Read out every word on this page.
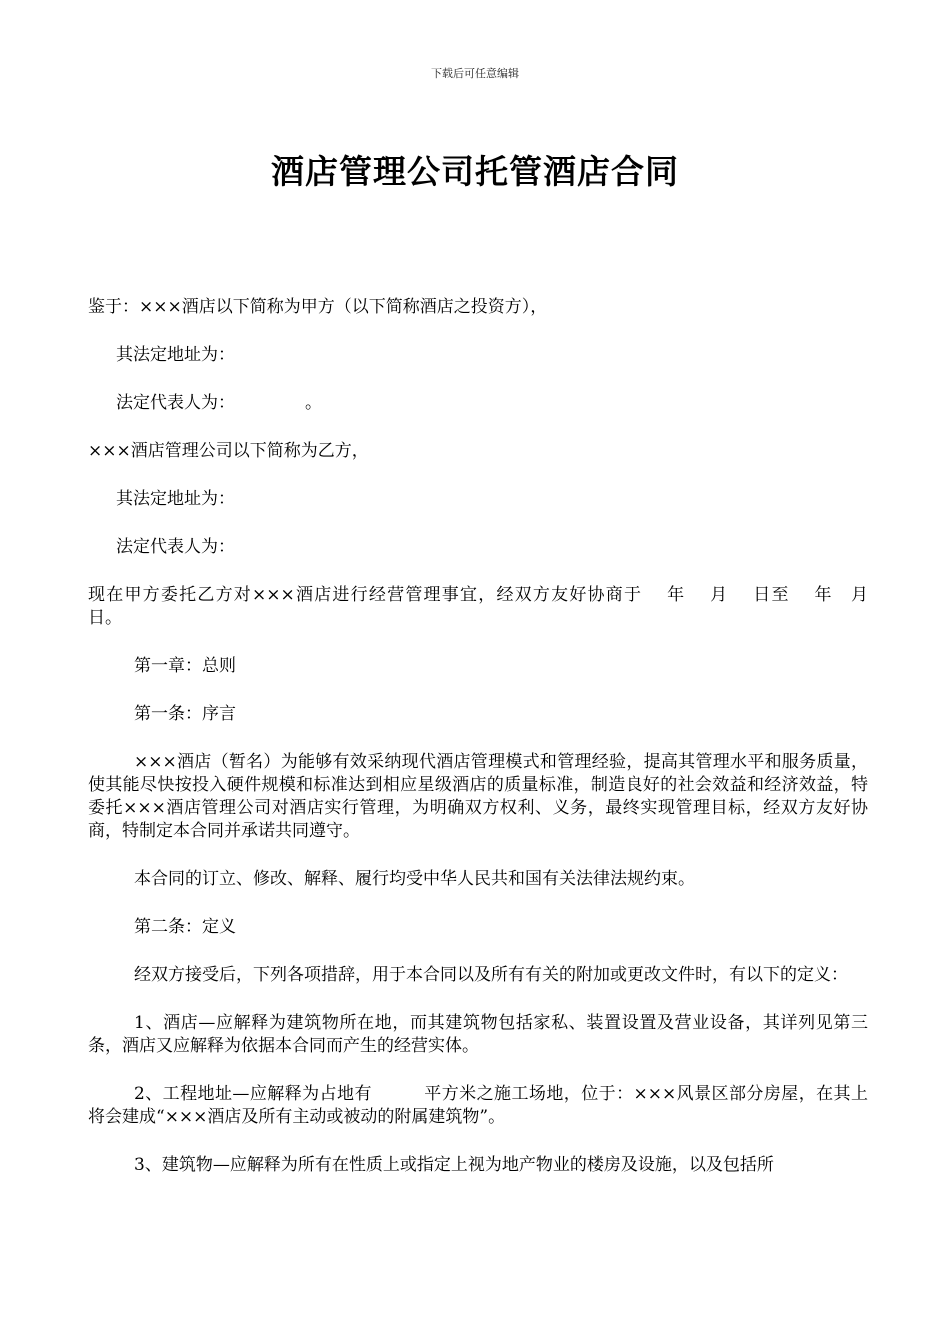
下载后可任意编辑
酒店管理公司托管酒店合同

鉴于：×××酒店以下简称为甲方（以下简称酒店之投资方），

其法定地址为：

法定代表人为：	。

×××酒店管理公司以下简称为乙方，

其法定地址为：

法定代表人为：

现在甲方委托乙方对×××酒店进行经营管理事宜，经双方友好协商于　 年　 月　 日至　 年　月　 日。

第一章：总则

第一条：序言

×××酒店（暂名）为能够有效采纳现代酒店管理模式和管理经验，提高其管理水平和服务质量，使其能尽快按投入硬件规模和标准达到相应星级酒店的质量标准，制造良好的社会效益和经济效益，特委托×××酒店管理公司对酒店实行管理，为明确双方权利、义务，最终实现管理目标，经双方友好协商，特制定本合同并承诺共同遵守。

本合同的订立、修改、解释、履行均受中华人民共和国有关法律法规约束。

第二条：定义

经双方接受后，下列各项措辞，用于本合同以及所有有关的附加或更改文件时，有以下的定义：

1、酒店—应解释为建筑物所在地，而其建筑物包括家私、装置设置及营业设备，其详列见第三条，酒店又应解释为依据本合同而产生的经营实体。

2、工程地址—应解释为占地有	平方米之施工场地，位于：×××风景区部分房屋，在其上将会建成“×××酒店及所有主动或被动的附属建筑物”。

3、建筑物—应解释为所有在性质上或指定上视为地产物业的楼房及设施，以及包括所
